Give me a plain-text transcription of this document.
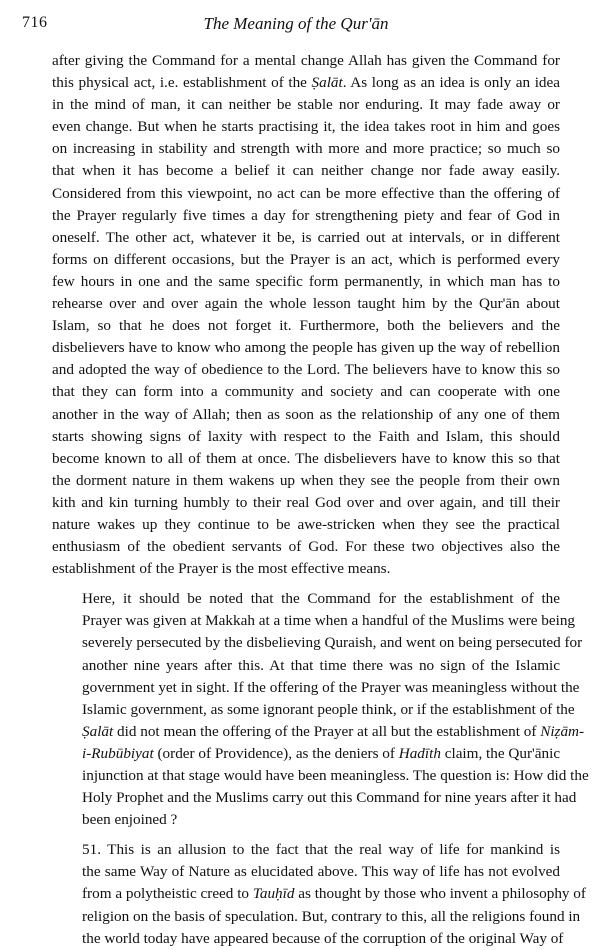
716	The Meaning of the Qur'ān
after giving the Command for a mental change Allah has given the Command for
this physical act, i.e. establishment of the Ṣalāt. As long as an idea is only an idea
in the mind of man, it can neither be stable nor enduring. It may fade away or
even change. But when he starts practising it, the idea takes root in him and goes
on increasing in stability and strength with more and more practice; so much so
that when it has become a belief it can neither change nor fade away easily.
Considered from this viewpoint, no act can be more effective than the offering of
the Prayer regularly five times a day for strengthening piety and fear of God in
oneself. The other act, whatever it be, is carried out at intervals, or in different
forms on different occasions, but the Prayer is an act, which is performed every
few hours in one and the same specific form permanently, in which man has to
rehearse over and over again the whole lesson taught him by the Qur'ān about
Islam, so that he does not forget it. Furthermore, both the believers and the
disbelievers have to know who among the people has given up the way of rebellion
and adopted the way of obedience to the Lord. The believers have to know this so
that they can form into a community and society and can cooperate with one
another in the way of Allah; then as soon as the relationship of any one of them
starts showing signs of laxity with respect to the Faith and Islam, this should
become known to all of them at once. The disbelievers have to know this so that
the dorment nature in them wakens up when they see the people from their own
kith and kin turning humbly to their real God over and over again, and till their
nature wakes up they continue to be awe-stricken when they see the practical
enthusiasm of the obedient servants of God. For these two objectives also the
establishment of the Prayer is the most effective means.
Here, it should be noted that the Command for the establishment of the
Prayer was given at Makkah at a time when a handful of the Muslims were being
severely persecuted by the disbelieving Quraish, and went on being persecuted for
another nine years after this. At that time there was no sign of the Islamic
government yet in sight. If the offering of the Prayer was meaningless without the
Islamic government, as some ignorant people think, or if the establishment of the
Ṣalāt did not mean the offering of the Prayer at all but the establishment of Niẓām-
i-Rubūbiyat (order of Providence), as the deniers of Hadīth claim, the Qur'ānic
injunction at that stage would have been meaningless. The question is: How did the
Holy Prophet and the Muslims carry out this Command for nine years after it had
been enjoined ?
51. This is an allusion to the fact that the real way of life for mankind is
the same Way of Nature as elucidated above. This way of life has not evolved
from a polytheistic creed to Tauḥīd as thought by those who invent a philosophy of
religion on the basis of speculation. But, contrary to this, all the religions found in
the world today have appeared because of the corruption of the original Way of
